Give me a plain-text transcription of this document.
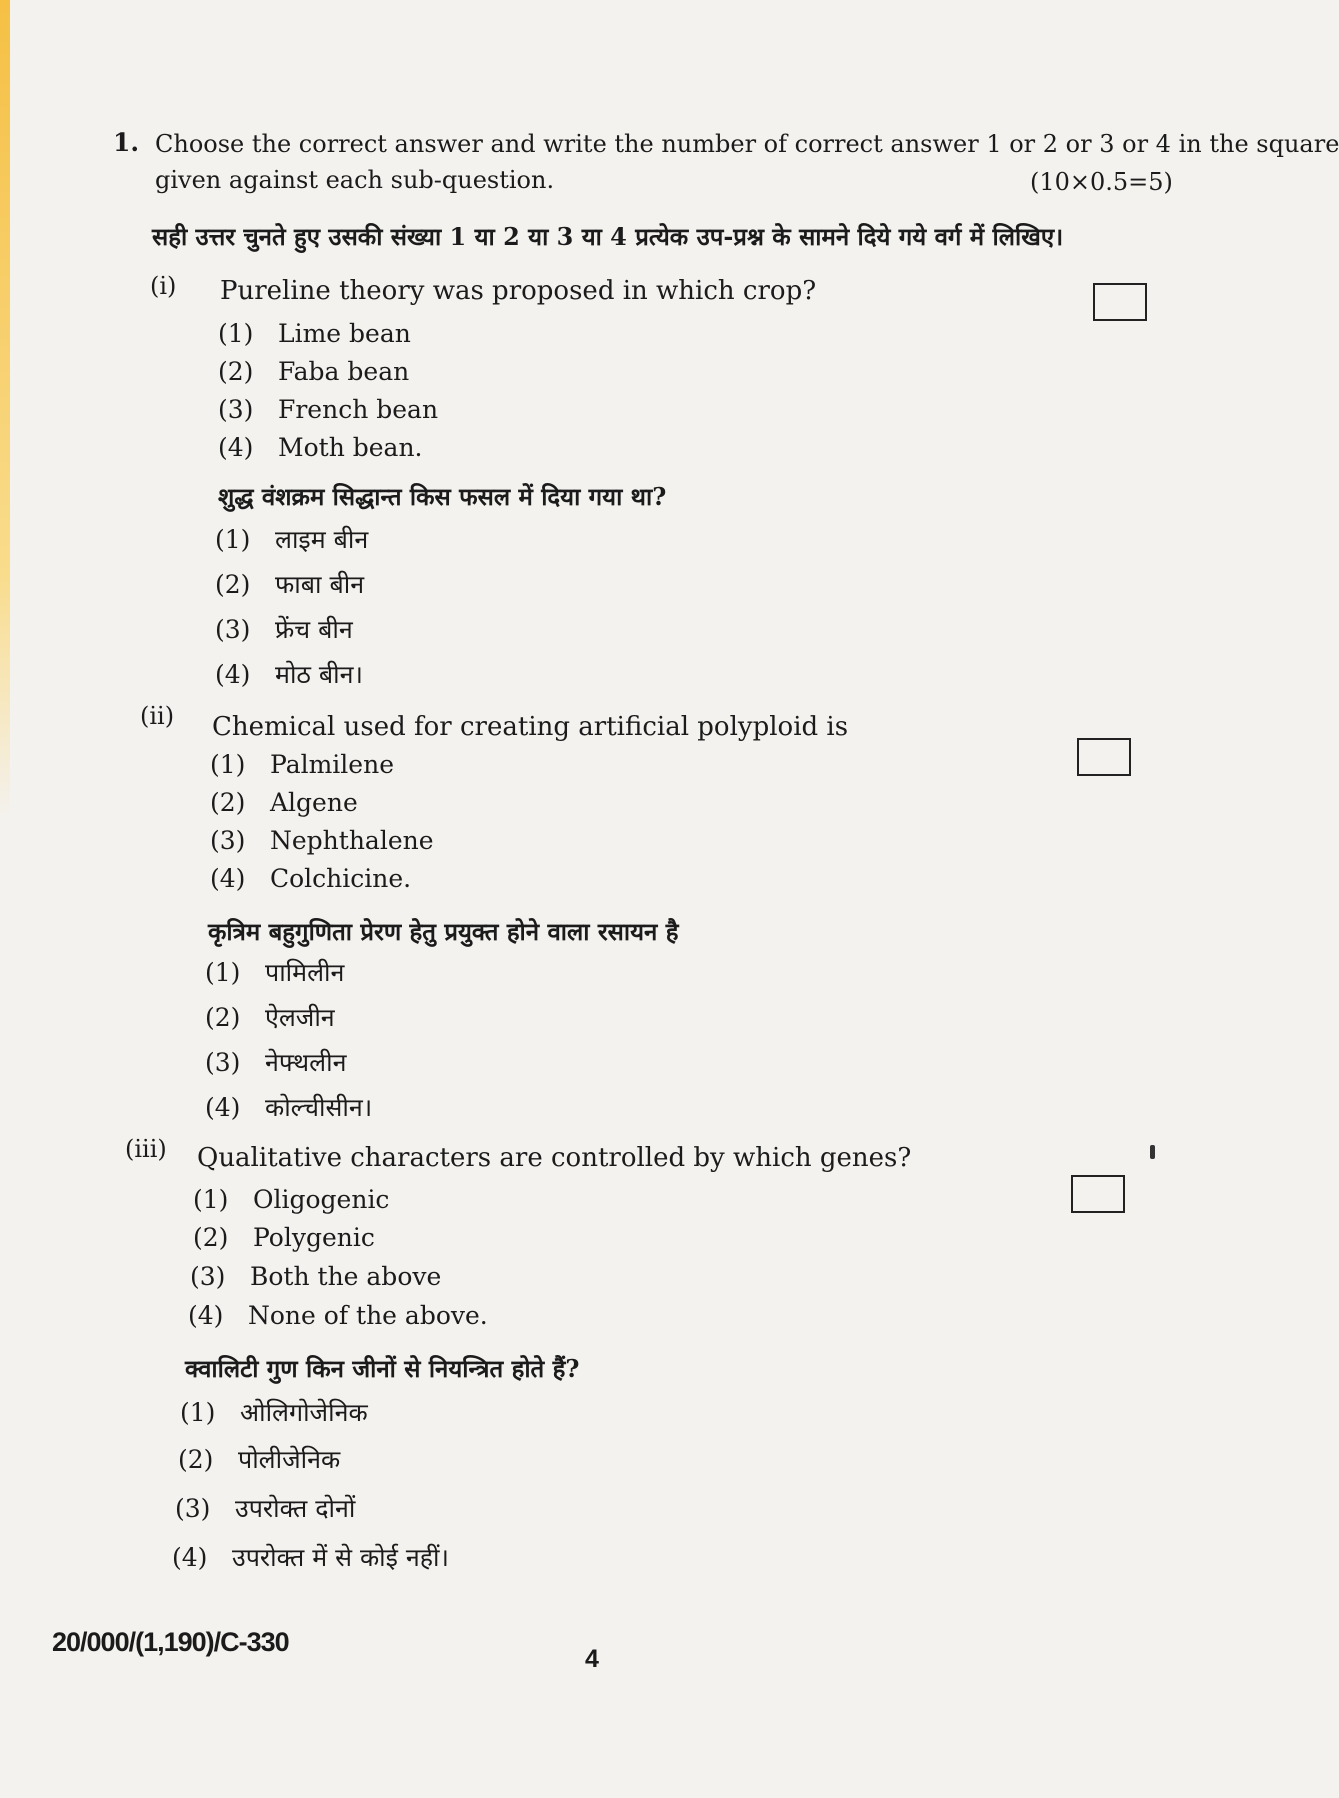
1. Choose the correct answer and write the number of correct answer 1 or 2 or 3 or 4 in the square
given against each sub-question.	(10×0.5=5)
सही उत्तर चुनते हुए उसकी संख्या 1 या 2 या 3 या 4 प्रत्येक उप-प्रश्न के सामने दिये गये वर्ग में लिखिए।
(i) Pureline theory was proposed in which crop?
(1) Lime bean
(2) Faba bean
(3) French bean
(4) Moth bean.
शुद्ध वंशक्रम सिद्धान्त किस फसल में दिया गया था?
(1) लाइम बीन
(2) फाबा बीन
(3) फ्रेंच बीन
(4) मोठ बीन।
(ii) Chemical used for creating artificial polyploid is
(1) Palmilene
(2) Algene
(3) Nephthalene
(4) Colchicine.
कृत्रिम बहुगुणिता प्रेरण हेतु प्रयुक्त होने वाला रसायन है
(1) पामिलीन
(2) ऐलजीन
(3) नेफ्थलीन
(4) कोल्चीसीन।
(iii) Qualitative characters are controlled by which genes?
(1) Oligogenic
(2) Polygenic
(3) Both the above
(4) None of the above.
क्वालिटी गुण किन जीनों से नियन्त्रित होते हैं?
(1) ओलिगोजेनिक
(2) पोलीजेनिक
(3) उपरोक्त दोनों
(4) उपरोक्त में से कोई नहीं।
20/000/(1,190)/C-330
4
